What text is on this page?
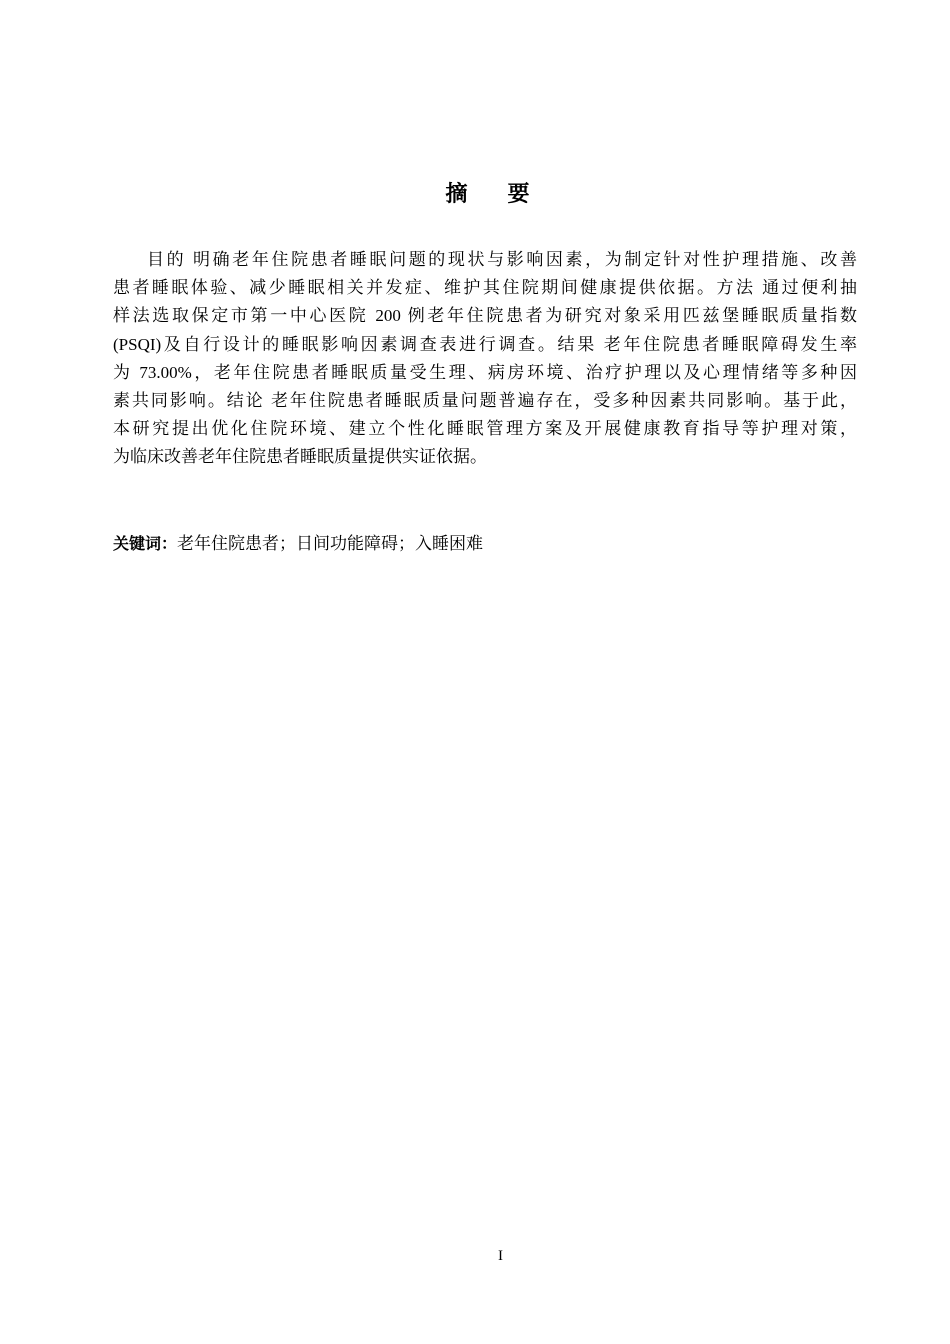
摘 要
目的 明确老年住院患者睡眠问题的现状与影响因素，为制定针对性护理措施、改善
患者睡眠体验、减少睡眠相关并发症、维护其住院期间健康提供依据。方法 通过便利抽
样法选取保定市第一中心医院 200 例老年住院患者为研究对象采用匹兹堡睡眠质量指数
(PSQI)及自行设计的睡眠影响因素调查表进行调查。结果 老年住院患者睡眠障碍发生率
为 73.00%，老年住院患者睡眠质量受生理、病房环境、治疗护理以及心理情绪等多种因
素共同影响。结论 老年住院患者睡眠质量问题普遍存在，受多种因素共同影响。基于此，
本研究提出优化住院环境、建立个性化睡眠管理方案及开展健康教育指导等护理对策，
为临床改善老年住院患者睡眠质量提供实证依据。
关键词：老年住院患者；日间功能障碍；入睡困难
I
